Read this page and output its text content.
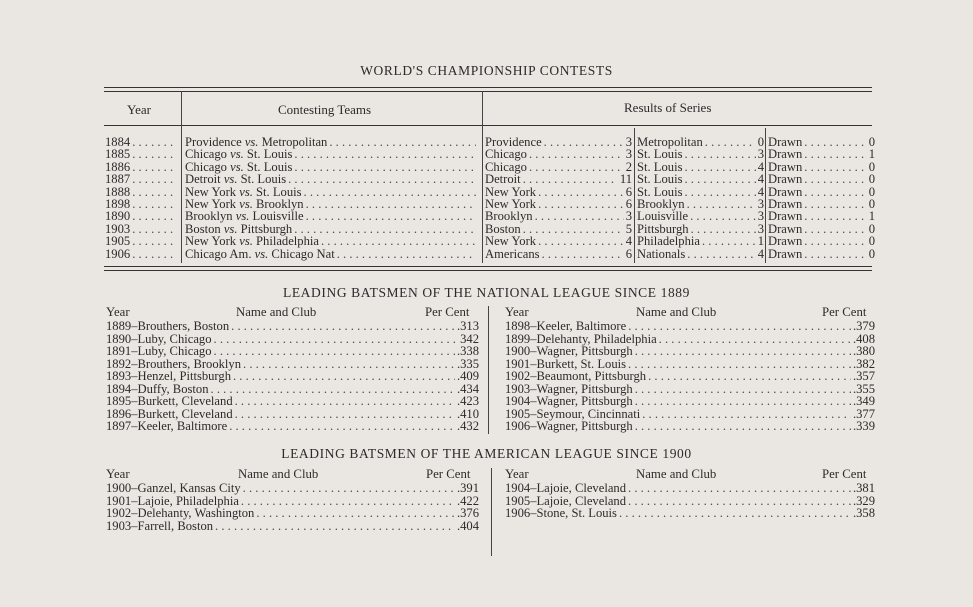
WORLD'S CHAMPIONSHIP CONTESTS
Year	Contesting Teams	Results of Series
1884 . . .	Providence vs. Metropolitan . . .	Providence . . .	3 Metropolitan . . .	0 Drawn . . .	0
1885 . . .	Chicago vs. St. Louis . . .	Chicago . . .	3 St. Louis . . .	3 Drawn . . .	1
1886 . . .	Chicago vs. St. Louis . . .	Chicago . . .	2 St. Louis . . .	4 Drawn . . .	0
1887 . . .	Detroit vs. St. Louis . . .	Detroit . . .	11 St. Louis . . .	4 Drawn . . .	0
1888 . . .	New York vs. St. Louis . . .	New York . . .	6 St. Louis . . .	4 Drawn . . .	0
1898 . . .	New York vs. Brooklyn . . .	New York . . .	6 Brooklyn . . .	3 Drawn . . .	0
1890 . . .	Brooklyn vs. Louisville . . .	Brooklyn . . .	3 Louisville . . .	3 Drawn . . .	1
1903 . . .	Boston vs. Pittsburgh . . .	Boston . . .	5 Pittsburgh . . .	3 Drawn . . .	0
1905 . . .	New York vs. Philadelphia . . .	New York . . .	4 Philadelphia . . .	1 Drawn . . .	0
1906 . . .	Chicago Am. vs. Chicago Nat . . .	Americans . . .	6 Nationals . . .	4 Drawn . . .	0
LEADING BATSMEN OF THE NATIONAL LEAGUE SINCE 1889
Year	Name and Club	Per Cent	Year	Name and Club	Per Cent
1889–Brouthers, Boston . . .	.313
1890–Luby, Chicago . . .	342
1891–Luby, Chicago . . .	.338
1892–Brouthers, Brooklyn . . .	.335
1893–Henzel, Pittsburgh . . .	.409
1894–Duffy, Boston . . .	.434
1895–Burkett, Cleveland . . .	.423
1896–Burkett, Cleveland . . .	.410
1897–Keeler, Baltimore . . .	.432
1898–Keeler, Baltimore . . .	.379
1899–Delehanty, Philadelphia . . .	.408
1900–Wagner, Pittsburgh . . .	.380
1901–Burkett, St. Louis . . .	.382
1902–Beaumont, Pittsburgh . . .	.357
1903–Wagner, Pittsburgh . . .	.355
1904–Wagner, Pittsburgh . . .	.349
1905–Seymour, Cincinnati . . .	.377
1906–Wagner, Pittsburgh . . .	.339
LEADING BATSMEN OF THE AMERICAN LEAGUE SINCE 1900
Year	Name and Club	Per Cent	Year	Name and Club	Per Cent
1900–Ganzel, Kansas City . . .	.391
1901–Lajoie, Philadelphia . . .	.422
1902–Delehanty, Washington . . .	.376
1903–Farrell, Boston . . .	.404
1904–Lajoie, Cleveland . . .	.381
1905–Lajoie, Cleveland . . .	.329
1906–Stone, St. Louis . . .	.358
